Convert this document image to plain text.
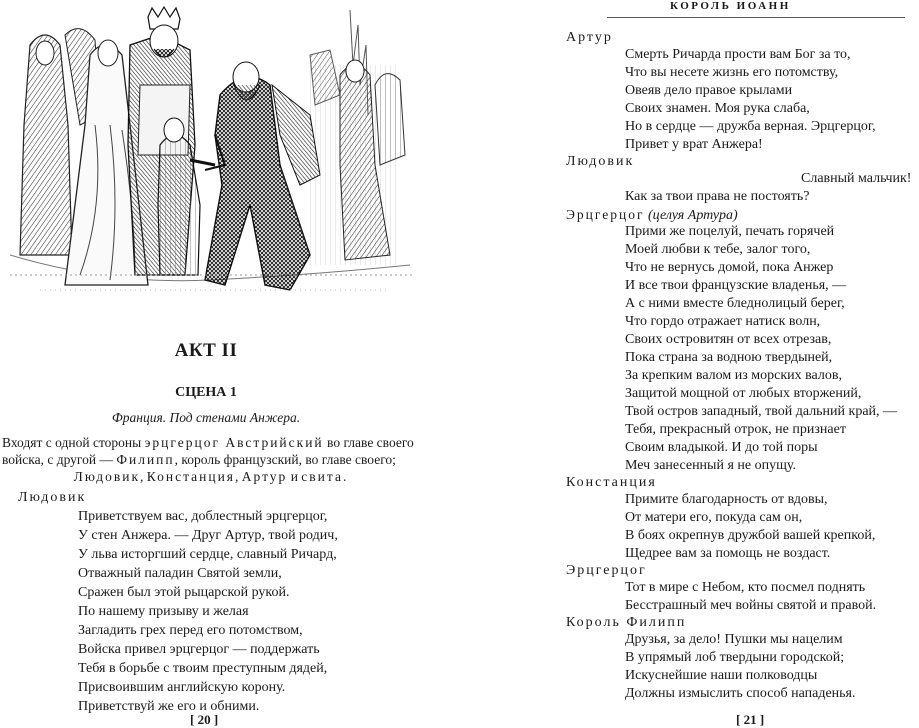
АКТ II
СЦЕНА 1
Франция. Под стенами Анжера.
Входят с одной стороны эрцгерцог Австрийский во главе своего
войска, с другой — Филипп, король французский, во главе своего;
Людовик, Констанция, Артур и свита.
Людовик
Приветствуем вас, доблестный эрцгерцог,
У стен Анжера. — Друг Артур, твой родич,
У льва исторгший сердце, славный Ричард,
Отважный паладин Святой земли,
Сражен был этой рыцарской рукой.
По нашему призыву и желая
Загладить грех перед его потомством,
Войска привел эрцгерцог — поддержать
Тебя в борьбе с твоим преступным дядей,
Присвоившим английскую корону.
Приветствуй же его и обними.
[ 20 ]
КОРОЛЬ ИОАНН
Артур
Смерть Ричарда прости вам Бог за то,
Что вы несете жизнь его потомству,
Овеяв дело правое крылами
Своих знамен. Моя рука слаба,
Но в сердце — дружба верная. Эрцгерцог,
Привет у врат Анжера!
Людовик
Славный мальчик!
Как за твои права не постоять?
Эрцгерцог (целуя Артура)
Прими же поцелуй, печать горячей
Моей любви к тебе, залог того,
Что не вернусь домой, пока Анжер
И все твои французские владенья, —
А с ними вместе бледнолицый берег,
Что гордо отражает натиск волн,
Своих островитян от всех отрезав,
Пока страна за водною твердыней,
За крепким валом из морских валов,
Защитой мощной от любых вторжений,
Твой остров западный, твой дальний край, —
Тебя, прекрасный отрок, не признает
Своим владыкой. И до той поры
Меч занесенный я не опущу.
Констанция
Примите благодарность от вдовы,
От матери его, покуда сам он,
В боях окрепнув дружбой вашей крепкой,
Щедрее вам за помощь не воздаст.
Эрцгерцог
Тот в мире с Небом, кто посмел поднять
Бесстрашный меч войны святой и правой.
Король Филипп
Друзья, за дело! Пушки мы нацелим
В упрямый лоб твердыни городской;
Искуснейшие наши полководцы
Должны измыслить способ нападенья.
[ 21 ]
